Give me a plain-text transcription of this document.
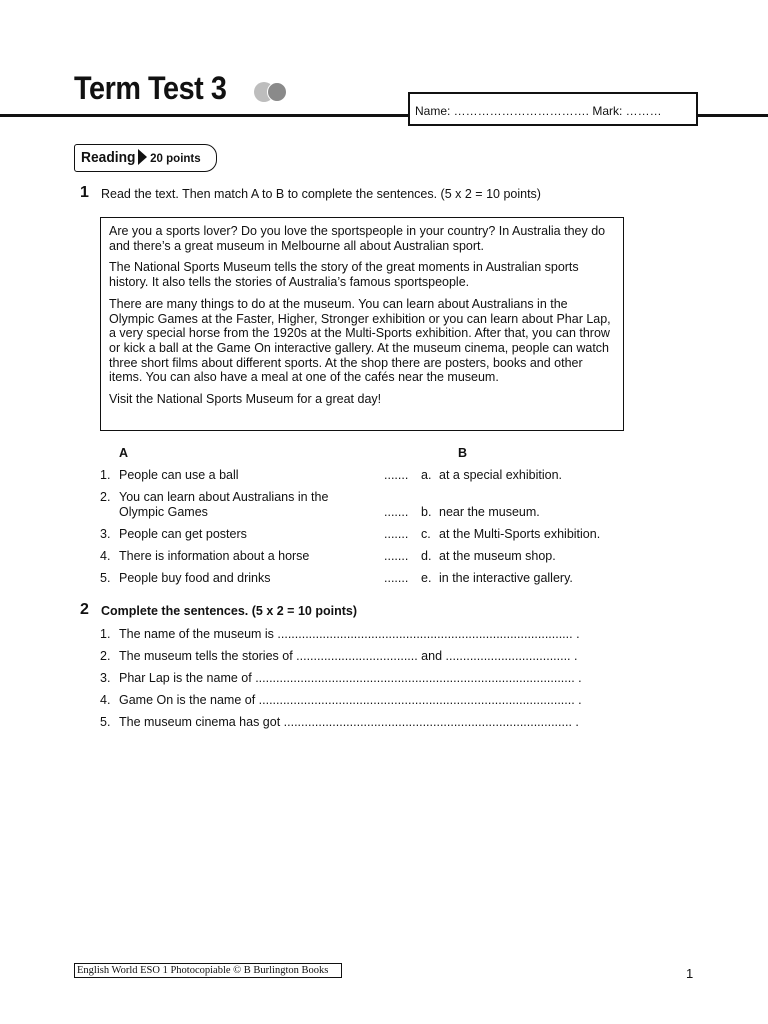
Term Test 3
Name: ……………………………. Mark: ………
Reading 20 points
1 Read the text. Then match A to B to complete the sentences. (5 x 2 = 10 points)

Are you a sports lover? Do you love the sportspeople in your country? In Australia they do and there’s a great museum in Melbourne all about Australian sport.

The National Sports Museum tells the story of the great moments in Australian sports history. It also tells the stories of Australia’s famous sportspeople.

There are many things to do at the museum. You can learn about Australians in the Olympic Games at the Faster, Higher, Stronger exhibition or you can learn about Phar Lap, a very special horse from the 1920s at the Multi-Sports exhibition. After that, you can throw or kick a ball at the Game On interactive gallery. At the museum cinema, people can watch three short films about different sports. At the shop there are posters, books and other items. You can also have a meal at one of the cafés near the museum.

Visit the National Sports Museum for a great day!

A	B
1. People can use a ball	....... a. at a special exhibition.
2. You can learn about Australians in the Olympic Games	....... b. near the museum.
3. People can get posters	....... c. at the Multi-Sports exhibition.
4. There is information about a horse	....... d. at the museum shop.
5. People buy food and drinks	....... e. in the interactive gallery.
2 Complete the sentences. (5 x 2 = 10 points)
1. The name of the museum is ..................................................................................... .
2. The museum tells the stories of ................................... and .................................... .
3. Phar Lap is the name of ............................................................................................ .
4. Game On is the name of ........................................................................................... .
5. The museum cinema has got ................................................................................... .
English World ESO 1 Photocopiable © B Burlington Books	1
